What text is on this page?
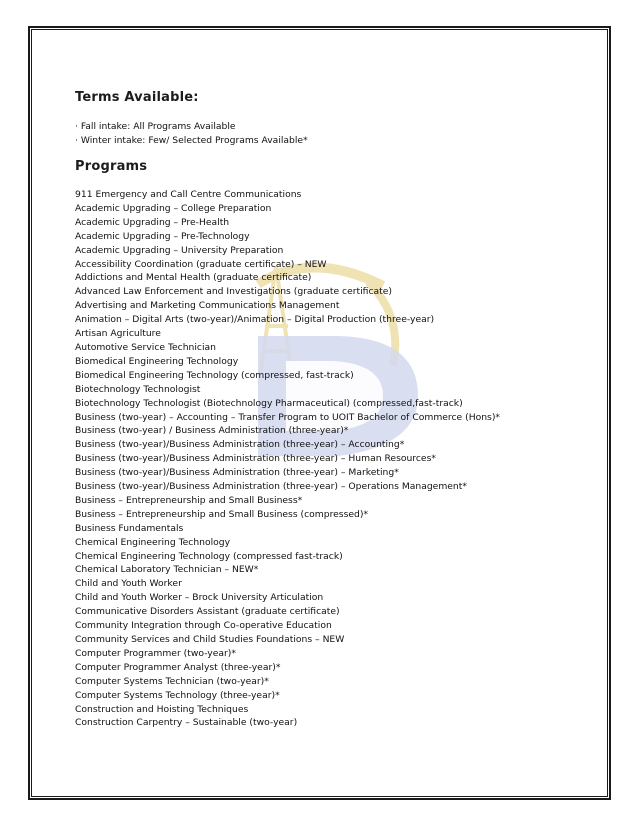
Terms Available:
· Fall intake: All Programs Available
· Winter intake: Few/ Selected Programs Available*
Programs
911 Emergency and Call Centre Communications
Academic Upgrading – College Preparation
Academic Upgrading – Pre-Health
Academic Upgrading – Pre-Technology
Academic Upgrading – University Preparation
Accessibility Coordination (graduate certificate) – NEW
Addictions and Mental Health (graduate certificate)
Advanced Law Enforcement and Investigations (graduate certificate)
Advertising and Marketing Communications Management
Animation – Digital Arts (two-year)/Animation – Digital Production (three-year)
Artisan Agriculture
Automotive Service Technician
Biomedical Engineering Technology
Biomedical Engineering Technology (compressed, fast-track)
Biotechnology Technologist
Biotechnology Technologist (Biotechnology Pharmaceutical) (compressed,fast-track)
Business (two-year) – Accounting – Transfer Program to UOIT Bachelor of Commerce (Hons)*
Business (two-year) / Business Administration (three-year)*
Business (two-year)/Business Administration (three-year) – Accounting*
Business (two-year)/Business Administration (three-year) – Human Resources*
Business (two-year)/Business Administration (three-year) – Marketing*
Business (two-year)/Business Administration (three-year) – Operations Management*
Business – Entrepreneurship and Small Business*
Business – Entrepreneurship and Small Business (compressed)*
Business Fundamentals
Chemical Engineering Technology
Chemical Engineering Technology (compressed fast-track)
Chemical Laboratory Technician – NEW*
Child and Youth Worker
Child and Youth Worker – Brock University Articulation
Communicative Disorders Assistant (graduate certificate)
Community Integration through Co-operative Education
Community Services and Child Studies Foundations – NEW
Computer Programmer (two-year)*
Computer Programmer Analyst (three-year)*
Computer Systems Technician (two-year)*
Computer Systems Technology (three-year)*
Construction and Hoisting Techniques
Construction Carpentry – Sustainable (two-year)
